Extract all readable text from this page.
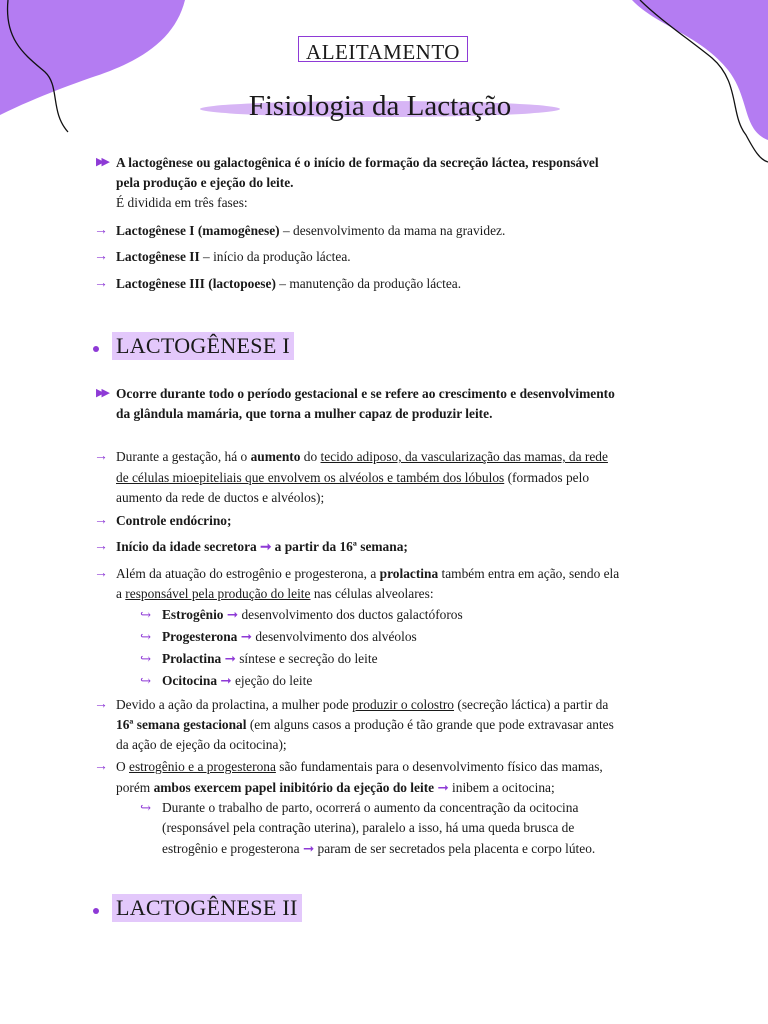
ALEITAMENTO
Fisiologia da Lactação
▶▶ A lactogênese ou galactogênica é o início de formação da secreção láctea, responsável
pela produção e ejeção do leite.
É dividida em três fases:
→ Lactogênese I (mamogênese) – desenvolvimento da mama na gravidez.
→ Lactogênese II – início da produção láctea.
→ Lactogênese III (lactopoese) – manutenção da produção láctea.
LACTOGÊNESE I
▶▶ Ocorre durante todo o período gestacional e se refere ao crescimento e desenvolvimento
da glândula mamária, que torna a mulher capaz de produzir leite.
→ Durante a gestação, há o aumento do tecido adiposo, da vascularização das mamas, da rede
de células mioepiteliais que envolvem os alvéolos e também dos lóbulos (formados pelo
aumento da rede de ductos e alvéolos);
→ Controle endócrino;
→ Início da idade secretora ➞ a partir da 16ª semana;
→ Além da atuação do estrogênio e progesterona, a prolactina também entra em ação, sendo ela
a responsável pela produção do leite nas células alveolares:
↪ Estrogênio ➞ desenvolvimento dos ductos galactóforos
↪ Progesterona ➞ desenvolvimento dos alvéolos
↪ Prolactina ➞ síntese e secreção do leite
↪ Ocitocina ➞ ejeção do leite
→ Devido a ação da prolactina, a mulher pode produzir o colostro (secreção láctica) a partir da
16ª semana gestacional (em alguns casos a produção é tão grande que pode extravasar antes
da ação de ejeção da ocitocina);
→ O estrogênio e a progesterona são fundamentais para o desenvolvimento físico das mamas,
porém ambos exercem papel inibitório da ejeção do leite ➞ inibem a ocitocina;
↪ Durante o trabalho de parto, ocorrerá o aumento da concentração da ocitocina
(responsável pela contração uterina), paralelo a isso, há uma queda brusca de
estrogênio e progesterona ➞ param de ser secretados pela placenta e corpo lúteo.
LACTOGÊNESE II
